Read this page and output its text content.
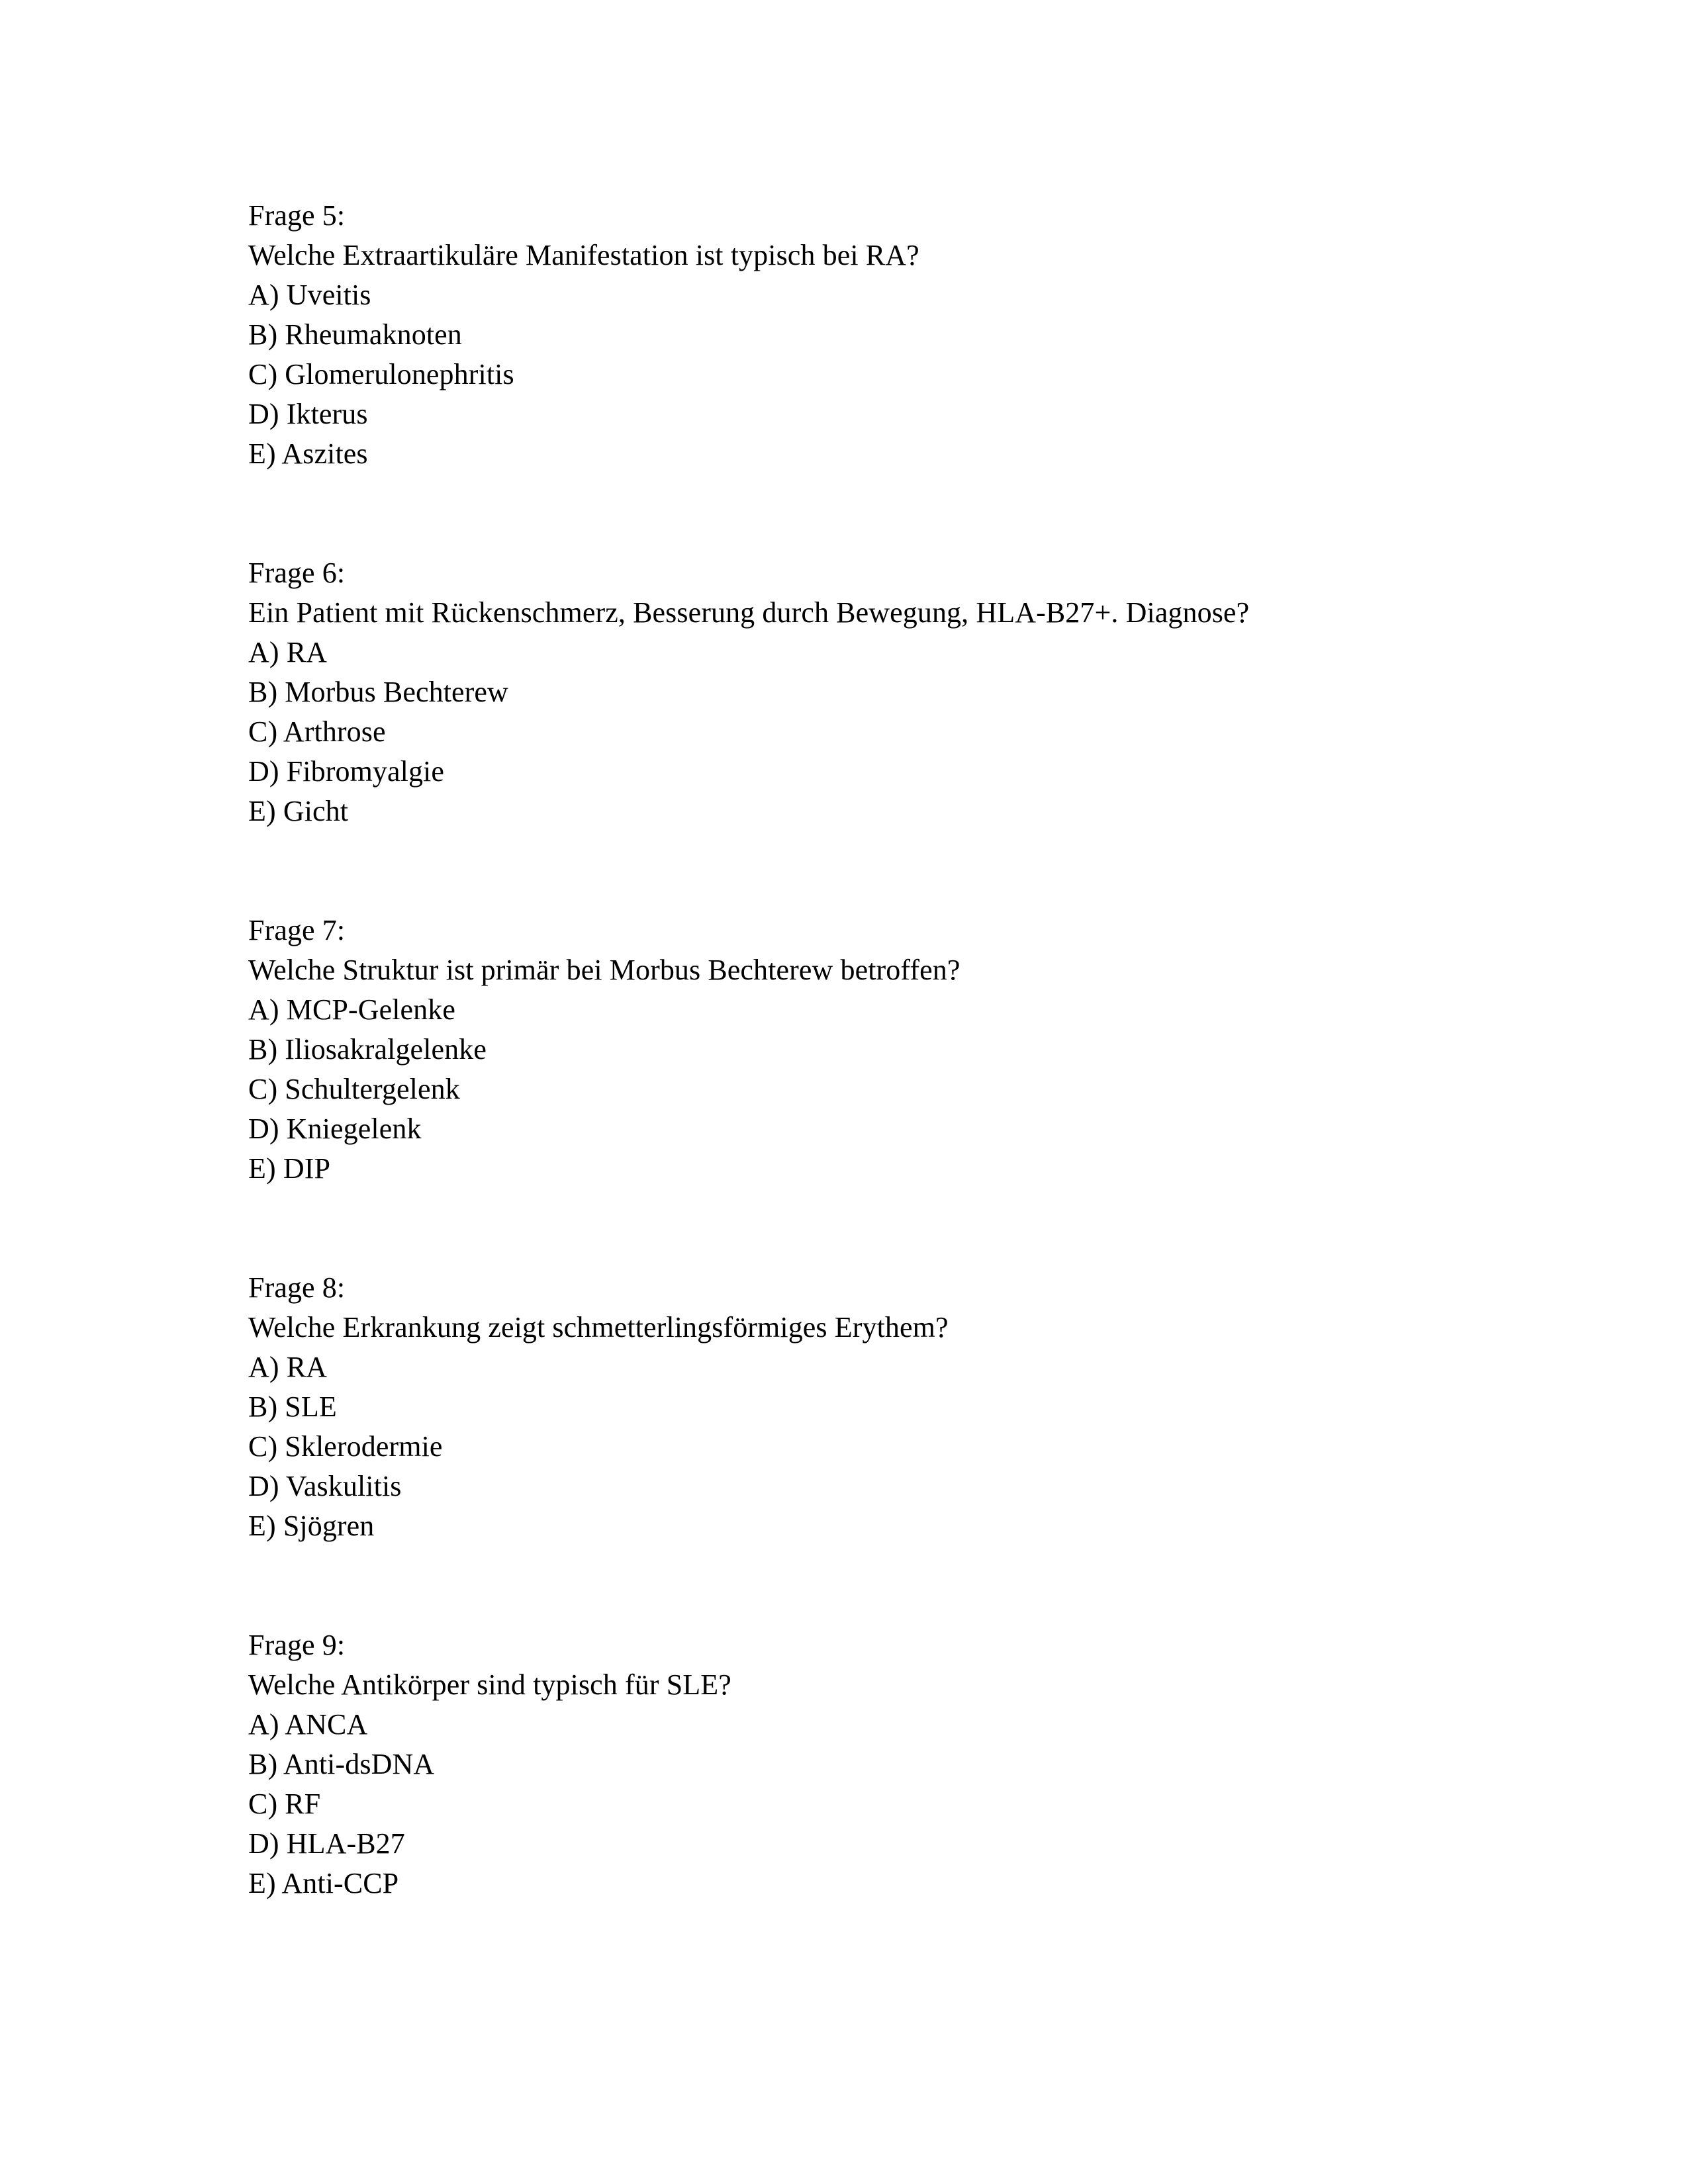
Frage 5:
Welche Extraartikuläre Manifestation ist typisch bei RA?
A) Uveitis
B) Rheumaknoten
C) Glomerulonephritis
D) Ikterus
E) Aszites
Frage 6:
Ein Patient mit Rückenschmerz, Besserung durch Bewegung, HLA-B27+. Diagnose?
A) RA
B) Morbus Bechterew
C) Arthrose
D) Fibromyalgie
E) Gicht
Frage 7:
Welche Struktur ist primär bei Morbus Bechterew betroffen?
A) MCP-Gelenke
B) Iliosakralgelenke
C) Schultergelenk
D) Kniegelenk
E) DIP
Frage 8:
Welche Erkrankung zeigt schmetterlingsförmiges Erythem?
A) RA
B) SLE
C) Sklerodermie
D) Vaskulitis
E) Sjögren
Frage 9:
Welche Antikörper sind typisch für SLE?
A) ANCA
B) Anti-dsDNA
C) RF
D) HLA-B27
E) Anti-CCP
